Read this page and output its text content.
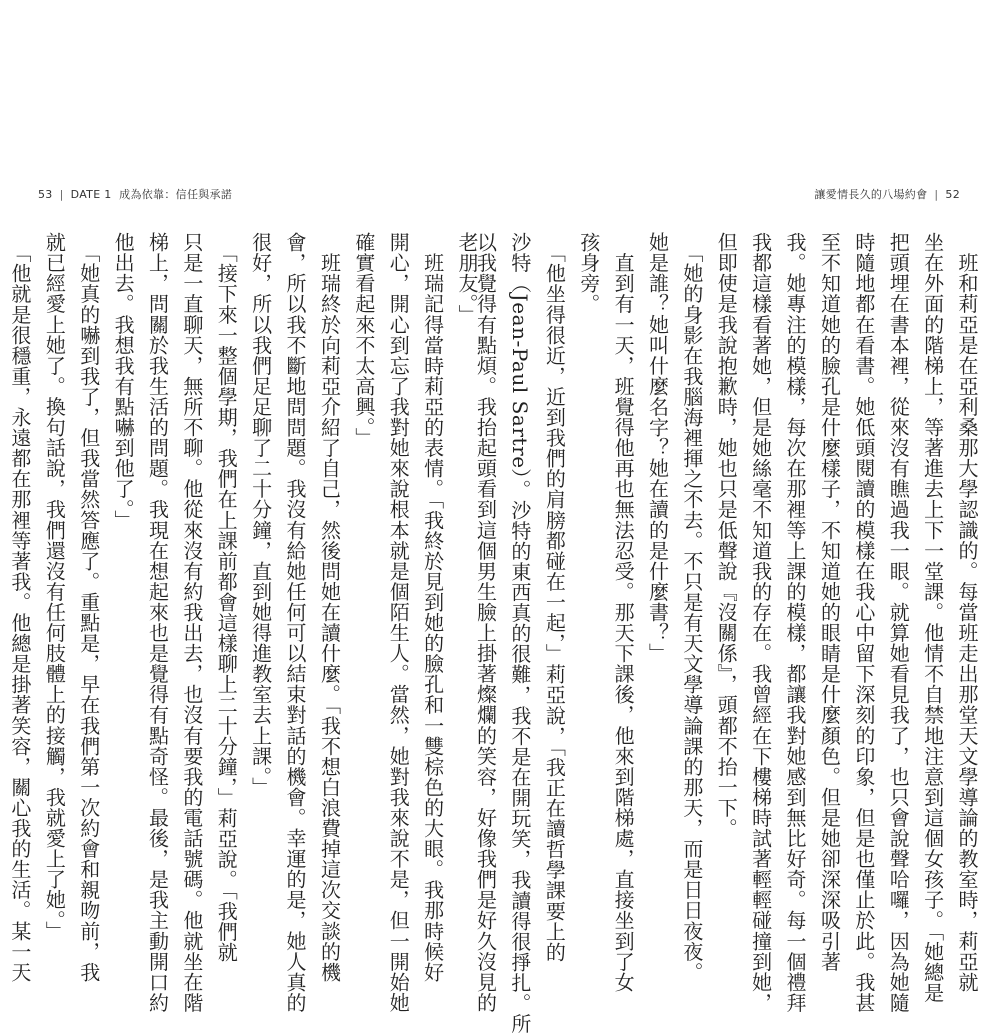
53 | DATE 1 成為依靠：信任與承諾	讓愛情長久的八場約會 | 52
老朋友。」
　班瑞記得當時莉亞的表情。「我終於見到她的臉孔和一雙棕色的大眼。我那時候好
開心，開心到忘了我對她來說根本就是個陌生人。當然，她對我來說不是，但一開始她
確實看起來不太高興。」
　班瑞終於向莉亞介紹了自己，然後問她在讀什麼。「我不想白浪費掉這次交談的機
會，所以我不斷地問問題。我沒有給她任何可以結束對話的機會。幸運的是，她人真的
很好，所以我們足足聊了二十分鐘，直到她得進教室去上課。」
　「接下來一整個學期，我們在上課前都會這樣聊上二十分鐘，」莉亞說。「我們就
只是一直聊天，無所不聊。他從來沒有約我出去，也沒有要我的電話號碼。他就坐在階
梯上，問關於我生活的問題。我現在想起來也是覺得有點奇怪。最後，是我主動開口約
他出去。我想我有點嚇到他了。」
　「她真的嚇到我了，但我當然答應了。重點是，早在我們第一次約會和親吻前，我
就已經愛上她了。換句話說，我們還沒有任何肢體上的接觸，我就愛上了她。」
　「他就是很穩重，永遠都在那裡等著我。他總是掛著笑容，關心我的生活。某一天	　班和莉亞是在亞利桑那大學認識的。每當班走出那堂天文學導論的教室時，莉亞就
坐在外面的階梯上，等著進去上下一堂課。他情不自禁地注意到這個女孩子。「她總是
把頭埋在書本裡，從來沒有瞧過我一眼。就算她看見我了，也只會說聲哈囉，因為她隨
時隨地都在看書。她低頭閱讀的模樣在我心中留下深刻的印象，但是也僅止於此。我甚
至不知道她的臉孔是什麼樣子，不知道她的眼睛是什麼顏色。但是她卻深深吸引著
我。她專注的模樣，每次在那裡等上課的模樣，都讓我對她感到無比好奇。每一個禮拜
我都這樣看著她，但是她絲毫不知道我的存在。我曾經在下樓梯時試著輕輕碰撞到她，
但即使是我說抱歉時，她也只是低聲說『沒關係』，頭都不抬一下。
　「她的身影在我腦海裡揮之不去。不只是有天文學導論課的那天，而是日日夜夜。
她是誰？她叫什麼名字？她在讀的是什麼書？」
　直到有一天，班覺得他再也無法忍受。那天下課後，他來到階梯處，直接坐到了女
孩身旁。
　「他坐得很近，近到我們的肩膀都碰在一起，」莉亞說，「我正在讀哲學課要上的
沙特（Jean-Paul Sartre）。沙特的東西真的很難，我不是在開玩笑，我讀得很掙扎。所
以我覺得有點煩。我抬起頭看到這個男生臉上掛著燦爛的笑容，好像我們是好久沒見的
